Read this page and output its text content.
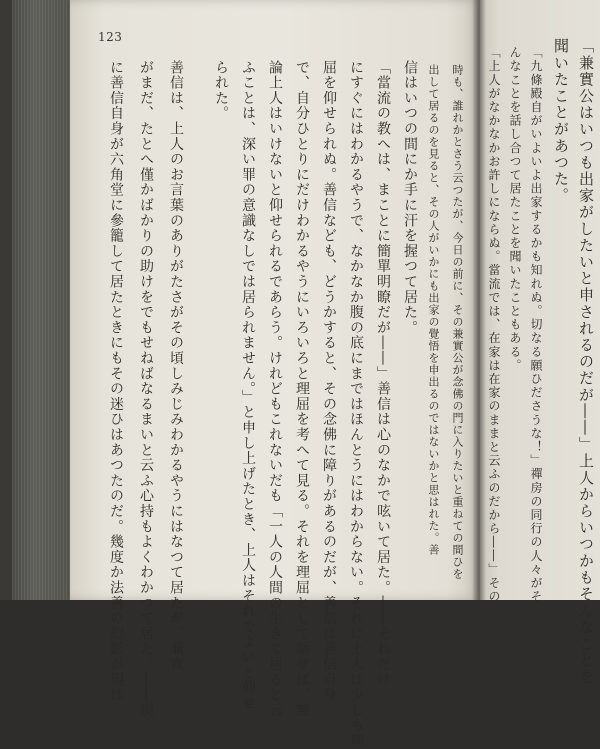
123
時も、誰れかとさう云つたが、今日の前に、その兼實公が念佛の門に入りたいと重ねての間ひを
出して居るのを見ると、その人がいかにも出家の覺悟を申出るのではないかと思はれた。善
信はいつの間にか手に汗を握つて居た。
「當流の教へは、まことに簡單明瞭だが――」善信は心のなかで呟いて居た。――それだけ
にすぐにはわかるやうで、なかなか腹の底にまではほんとうにはわからない。それに上人は少しも理
屈を仰せられぬ。善信なども、どうかすると、その念佛に障りがあるのだが、善信は善信自身
で、自分ひとりにだけわかるやうにいろいろと理屈を考へて見る。それを理屈として話せば、無
論上人はいけないと仰せられるであらう。けれどもこれないだも「一人の人間の生きて居ると云
ふことは、深い罪の意識なしでは居られません。」と申し上げたとき、上人はそれでよいと仰せ
られた。
善信は、上人のお言葉のありがたさがその頃しみじみわかるやうにはなつて居たが、兼實
がまだ、たとへ僅かばかりの助けをでもせねばなるまいと云ふ心持もよくわかつて居た。――現
に善信自身が六角堂に參籠して居たときにもその迷ひはあつたのだ。幾度か法善の幻影が現は	「兼實公はいつも出家がしたいと申されるのだが――」上人からいつかもそんなことを
聞いたことがあつた。
「九條殿自がいよいよ出家するかも知れぬ。切なる願ひださうな！」禪房の同行の人々がそ
んなことを話し合つて居たことを聞いたこともある。
「上人がなかなかお許しにならぬ。當流では、在家は在家のままと云ふのだから――」その
